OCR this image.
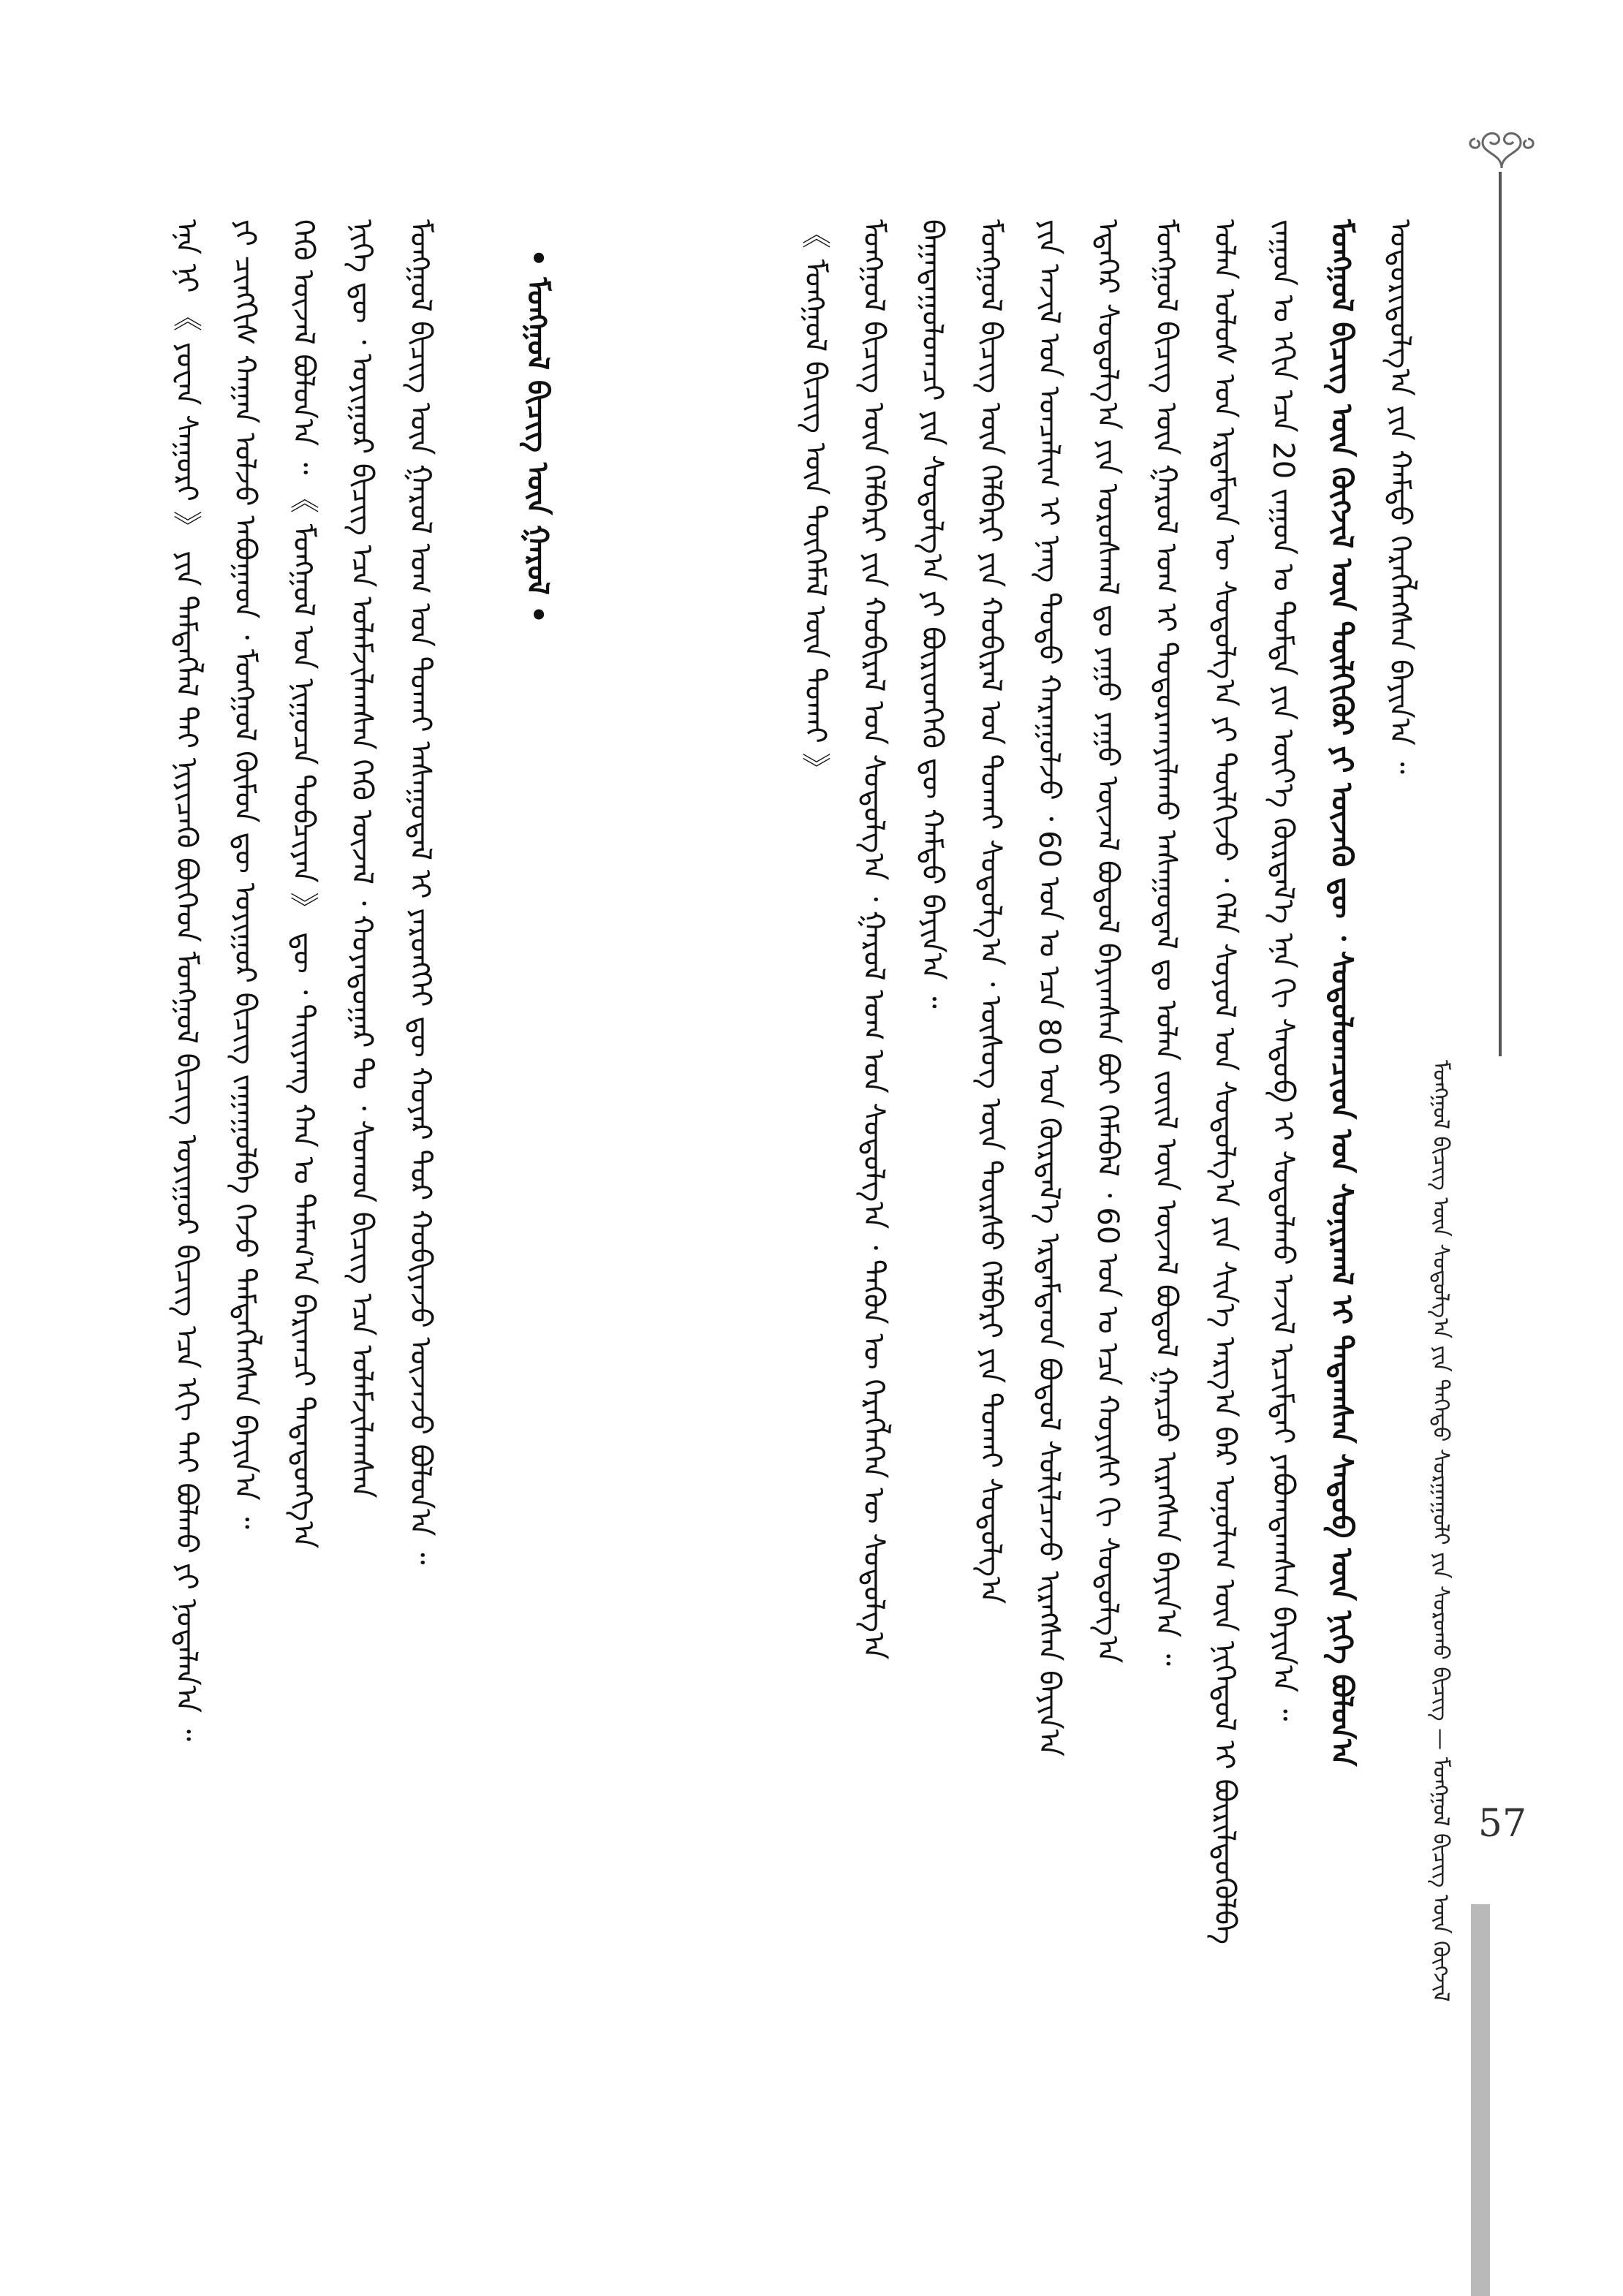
ᠮᠣᠩᠭᠣᠯ ᠪᠢᠴᠢᠭ᠌ ᠦᠨ ᠰᠤᠳᠤᠯᠭ᠎ᠠ ᠶᠢᠨ ᠳᠡᠭᠡᠳᠦ ᠰᠤᠷᠭᠠᠭᠤᠯᠢ ᠶᠢᠨ ᠰᠤᠷᠤᠬᠤ ᠪᠢᠴᠢᠭ᠌ — ᠮᠣᠩᠭᠣᠯ ᠪᠢᠴᠢᠭ᠌ ᠦᠨ ᠬᠥᠭᠵᠢᠯ
ᠤᠳᠤᠷᠢᠳᠤᠯᠭ᠎ᠠ ᠶᠢᠨ ᠬᠠᠮᠲᠤ ᠬᠡᠷᠡᠭᠯᠡᠭᠰᠡᠨ ᠪᠠᠶᠢᠨ᠎ᠠ ᠃
ᠮᠣᠩᠭᠣᠯ ᠪᠢᠴᠢᠭ᠌ ᠦᠨ ᠬᠥᠭᠵᠢᠯ ᠦᠨ ᠲᠦᠯᠬᠢᠭᠦᠷ ᠶᠢ ᠦᠵᠡᠬᠦ ᠳᠦ ᠂ ᠰᠤᠳᠤᠯᠤᠭᠴᠢᠳ ᠤᠨ ᠰᠣᠨᠢᠷᠬᠠᠯ ᠢ ᠲᠠᠲᠠᠭᠰᠠᠨ ᠰᠡᠳᠦᠪ ᠦᠨ ᠨᠢᠭᠡ ᠪᠣᠯᠤᠨ᠎ᠠ
ᠵᠠᠭᠤᠨ ᠤ ᠡᠬᠢᠨ ᠡᠴᠡ 20 ᠵᠠᠭᠤᠨ ᠤ ᠳᠤᠮᠳᠠ ᠶᠢᠨ ᠦᠶ᠎ᠡ ᠬᠦᠷᠲᠡᠯ᠎ᠡ ᠡᠨᠡ ᠬᠢ ᠰᠡᠳᠦᠪ ᠢ ᠰᠤᠳᠤᠯᠬᠤ ᠠᠵᠢᠯ ᠡᠷᠴᠢᠮᠲᠡᠢ ᠶᠠᠪᠤᠭᠳᠠᠭᠰᠠᠨ ᠪᠠᠶᠢᠨ᠎ᠠ ᠃
ᠣᠯᠠᠨ ᠤᠯᠤᠰ ᠤᠨ ᠡᠷᠳᠡᠮᠲᠡᠨ ᠦ ᠰᠤᠳᠤᠯᠭ᠎ᠠ ᠶᠢ ᠲᠦᠯᠬᠢᠵᠦ ᠂ ᠬᠡᠯᠡ ᠰᠣᠶᠣᠯ ᠤᠨ ᠰᠤᠳᠤᠯᠭ᠎ᠠ ᠶᠢᠨ ᠰᠢᠨ᠎ᠡ ᠠᠷᠭ᠎ᠠ ᠪᠠᠷ ᠣᠨᠣᠯᠢᠭ ᠦᠨ ᠨᠢᠭᠡᠳᠦᠯ ᠢ ᠪᠦᠷᠢᠯᠳᠦᠭᠦᠯᠪᠡ
ᠮᠣᠩᠭᠣᠯ ᠪᠢᠴᠢᠭ᠌ ᠦᠨ ᠭᠠᠷᠤᠯ ᠤᠭ ᠢ ᠲᠣᠳᠤᠷᠬᠠᠶᠢᠯᠠᠬᠤ ᠠᠰᠠᠭᠤᠳᠠᠯ ᠳᠤ ᠣᠯᠠᠨ ᠵᠦᠢᠯ ᠦᠨ ᠦᠵᠡᠯ ᠪᠣᠳᠤᠯ ᠭᠠᠷᠴᠤ ᠢᠷᠡᠭᠰᠡᠨ ᠪᠠᠶᠢᠨ᠎ᠠ ᠃
ᠡᠳᠡᠭᠡᠷ ᠰᠤᠳᠤᠯᠭ᠎ᠠ ᠶᠢᠨ ᠤᠷᠤᠰᠬᠠᠯ ᠳᠤ ᠶᠠᠭᠤ ᠶᠠᠭᠤ ᠦᠵᠡᠯ ᠪᠣᠳᠤᠯ ᠪᠠᠶᠢᠭᠰᠠᠨ ᠪᠤᠢ ᠬᠡᠮᠡᠪᠡᠯ ᠂ 60 ᠣᠨ ᠤ ᠡᠴᠡ ᠬᠣᠶᠢᠰᠢ ᠬᠢ ᠰᠤᠳᠤᠯᠭ᠎ᠠ
ᠶᠢᠨ ᠠᠵᠢᠯ ᠤᠨ ᠣᠨᠴᠠᠯᠢᠭ ᠢ ᠨᠡᠩ ᠲᠣᠳᠣ ᠬᠠᠷᠠᠭᠤᠯᠵᠤ ᠂ 60 ᠣᠨ ᠤ ᠡᠴᠡ 80 ᠣᠨ ᠬᠦᠷᠲᠡᠯ᠎ᠡ ᠡᠷᠳᠡᠮᠲᠡᠳ ᠪᠣᠳᠤᠯ ᠰᠣᠯᠢᠯᠴᠠᠵᠤ ᠢᠷᠡᠭᠰᠡᠨ ᠪᠠᠶᠢᠨ᠎ᠠ
ᠮᠣᠩᠭᠣᠯ ᠪᠢᠴᠢᠭ᠌ ᠦᠨ ᠬᠡᠯᠪᠡᠷᠢ ᠶᠢᠨ ᠬᠤᠪᠢᠷᠠᠯ ᠤᠨ ᠲᠤᠬᠠᠢ ᠰᠤᠳᠤᠯᠭ᠎ᠠ ᠂ ᠦᠰᠦᠭ ᠦᠨ ᠳᠦᠷᠰᠦ ᠬᠡᠯᠪᠡᠷᠢ ᠶᠢᠨ ᠲᠤᠬᠠᠢ ᠰᠤᠳᠤᠯᠭ᠎ᠠ
ᠪᠠᠭᠠᠳᠠᠭᠤᠯᠤᠭᠴᠢ ᠶᠢᠨ ᠰᠤᠳᠤᠯᠭ᠎ᠠ ᠶᠢ ᠪᠦᠷᠢᠳᠬᠡᠬᠦ ᠳᠦ ᠬᠠᠮᠲᠤ ᠪᠠᠶᠢᠨ᠎ᠠ ᠃
ᠮᠣᠩᠭᠣᠯ ᠪᠢᠴᠢᠭ᠌ ᠦᠨ ᠬᠡᠯᠪᠡᠷᠢ ᠶᠢᠨ ᠬᠤᠪᠢᠷᠠᠯ ᠤᠨ ᠰᠤᠳᠤᠯᠭ᠎ᠠ ᠂ ᠭᠠᠷᠤᠯ ᠤᠭ ᠤᠨ ᠰᠤᠳᠤᠯᠭ᠎ᠠ ᠂ ᠲᠡᠭᠦᠨ ᠦ ᠬᠡᠷᠡᠭᠯᠡᠭᠡᠨ ᠦ ᠰᠤᠳᠤᠯᠭ᠎ᠠ
《 ᠮᠣᠩᠭᠣᠯ ᠪᠢᠴᠢᠭ᠌ ᠦᠨ ᠲᠦᠭᠡᠮᠡᠯ ᠦᠨ ᠲᠤᠬᠠᠢ 》
• ᠮᠣᠩᠭᠣᠯ ᠪᠢᠴᠢᠭ᠌ ᠦᠨ ᠭᠠᠷᠤᠯ •
ᠮᠣᠩᠭᠣᠯ ᠪᠢᠴᠢᠭ᠌ ᠦᠨ ᠭᠠᠷᠤᠯ ᠤᠭ ᠤᠨ ᠲᠤᠬᠠᠢ ᠠᠰᠠᠭᠤᠳᠠᠯ ᠢ ᠶᠡᠷᠦᠩᠬᠡᠢ ᠳᠦ ᠬᠣᠶᠠᠷ ᠳᠤᠷ ᠬᠤᠪᠢᠶᠠᠵᠤ ᠦᠵᠡᠵᠦ ᠪᠣᠯᠤᠨ᠎ᠠ ᠃
ᠨᠢᠭᠡ ᠳᠦ ᠂ ᠤᠶᠢᠭᠤᠷ ᠪᠢᠴᠢᠭ᠌ ᠡᠴᠡ ᠤᠯᠠᠮᠵᠢᠯᠠᠭᠰᠠᠨ ᠭᠡᠬᠦ ᠦᠵᠡᠯ ᠂ ᠬᠣᠶᠠᠳᠤᠭᠠᠷ ᠲᠤ ᠂ ᠰᠣᠭᠳ ᠪᠢᠴᠢᠭ᠌ ᠡᠴᠡ ᠤᠯᠠᠮᠵᠢᠯᠠᠭᠰᠠᠨ
ᠭᠡᠬᠦ ᠦᠵᠡᠯ ᠪᠣᠯᠤᠨ᠎ᠠ ᠃ 《 ᠮᠣᠩᠭᠣᠯ ᠤᠨ ᠨᠢᠭᠤᠴᠠ ᠲᠣᠪᠴᠢᠶᠠᠨ 》 ᠳᠦ ᠂ ᠲᠠᠢᠶᠠᠩ ᠬᠠᠨ ᠤ ᠲᠠᠮᠠᠭ᠎ᠠ ᠪᠠᠷᠢᠭᠴᠢ ᠲᠠᠲᠠᠲᠤᠩᠭ᠎ᠠ
ᠶᠢ ᠴᠢᠩᠭᠢᠰ ᠬᠠᠭᠠᠨ ᠣᠯᠵᠤ ᠠᠪᠤᠭᠠᠳ ᠂ ᠮᠣᠩᠭᠣᠯ ᠬᠦᠮᠦᠨ ᠳᠦ ᠤᠶᠢᠭᠤᠷ ᠪᠢᠴᠢᠭ᠌ ᠵᠠᠭᠠᠭᠤᠯᠪᠠ ᠭᠡᠵᠦ ᠲᠡᠮᠳᠡᠭᠯᠡᠭᠰᠡᠨ ᠪᠠᠶᠢᠨ᠎ᠠ ᠃
ᠡᠨᠡ ᠨᠢ 《 ᠶᠤᠸᠠᠨ ᠰᠠᠭᠤᠷᠢ 》 ᠶᠢᠨ ᠲᠡᠮᠳᠡᠭᠯᠡᠯ ᠲᠡᠢ ᠨᠢᠶᠢᠴᠡᠬᠦ ᠪᠥᠭᠡᠳ ᠮᠣᠩᠭᠣᠯ ᠪᠢᠴᠢᠭ᠌ ᠤᠶᠢᠭᠤᠷ ᠪᠢᠴᠢᠭ᠌ ᠡᠴᠡ ᠡᠬᠢ ᠲᠠᠢ ᠪᠣᠯᠬᠤ ᠶᠢ ᠨᠣᠲᠠᠯᠠᠨ᠎ᠠ ᠃
57
